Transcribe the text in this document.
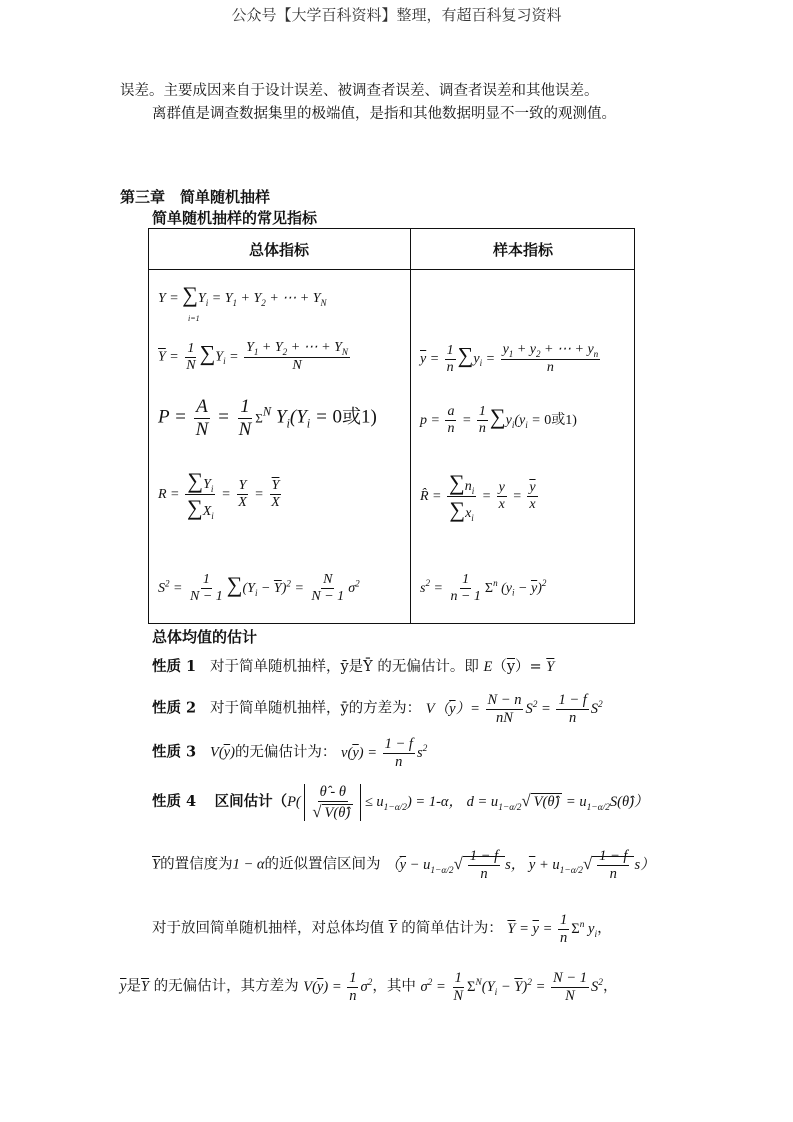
公众号【大学百科资料】整理，有超百科复习资料
误差。主要成因来自于设计误差、被调查者误差、调查者误差和其他误差。
离群值是调查数据集里的极端值，是指和其他数据明显不一致的观测值。
第三章　简单随机抽样
简单随机抽样的常见指标
总体指标	样本指标
$Y = \sum Y_i = Y_1 + Y_2$ + ⋯ + $Y_N$
i=1
$\overline{Y} = \frac{1}{N} \sum Y_i = \frac{Y_1 + Y_2 + \cdots + Y_N}{N}$
$P = \frac{A}{N} = \frac{1}{N} \Sigma^N$ $Y_i(Y_i = 0$或1)
$R = \frac{\sum Y_i}{\sum X_i} = \frac{Y}{X} = \frac{\overline{Y}}{X}$
$S^2 = \frac{1}{N - 1} \sum(Y_i - \overline{Y})^2 = \frac{N}{N - 1} \sigma^2$
$\overline{y} = \frac{1}{n} \sum y_i = \frac{y_1 + y_2 + \cdots + y_n}{n}$
$p = \frac{a}{n} = \frac{1}{n} \sum y_i(y_i = 0$或1)
R̂ = $\frac{\sum n_i}{\sum x_i} = \frac{y}{x} = \frac{\overline{y}}{x}$
$s^2 = \frac{1}{n - 1} \Sigma^n$ $(y_i - \overline{y})^2$
总体均值的估计
性质 1 对于简单随机抽样，ȳ是Ȳ 的无偏估计。即 $E(\overline{y})= \overline{Y}$
性质 2 对于简单随机抽样，ȳ的方差为： $V(\overline{y})= \frac{N - n}{nN} S^2 = \frac{1 - f}{n} S^2$
性质 3 $V(\overline{y})$的无偏估计为： $v(\overline{y}) = \frac{1 - f}{n} s^2$
性质 4 区间估计（$P( \frac{\thetâ - \theta}{√ V(\thetâ)} \le u_{1-\alpha/2}) = 1-\alpha$， $d = u_{1-\alpha/2}√$ V(θ̂) = $u_{1-\alpha/2}S(\thetâ)$）
$\overline{Y}$的置信度为1 − α的近似置信区间为 （$\overline{y} - u_{1-\alpha/2}√ \frac{1 - f}{n}$ s， $\overline{y} + u_{1-\alpha/2}√ \frac{1 - f}{n} s$）
对于放回简单随机抽样，对总体均值 $\overline{Y}$ 的简单估计为： $\overline{Y} = \overline{y} = \frac{1}{n} \Sigma^n$ $y_i$，
$\overline{y}$是$\overline{Y}$ 的无偏估计，其方差为 $V(\overline{y}) = \frac{1}{n} \sigma^2$，其中 $\sigma^2 = \frac{1}{N} \Sigma^N(Y_i - \overline{Y})^2 = \frac{N - 1}{N} S^2$，
